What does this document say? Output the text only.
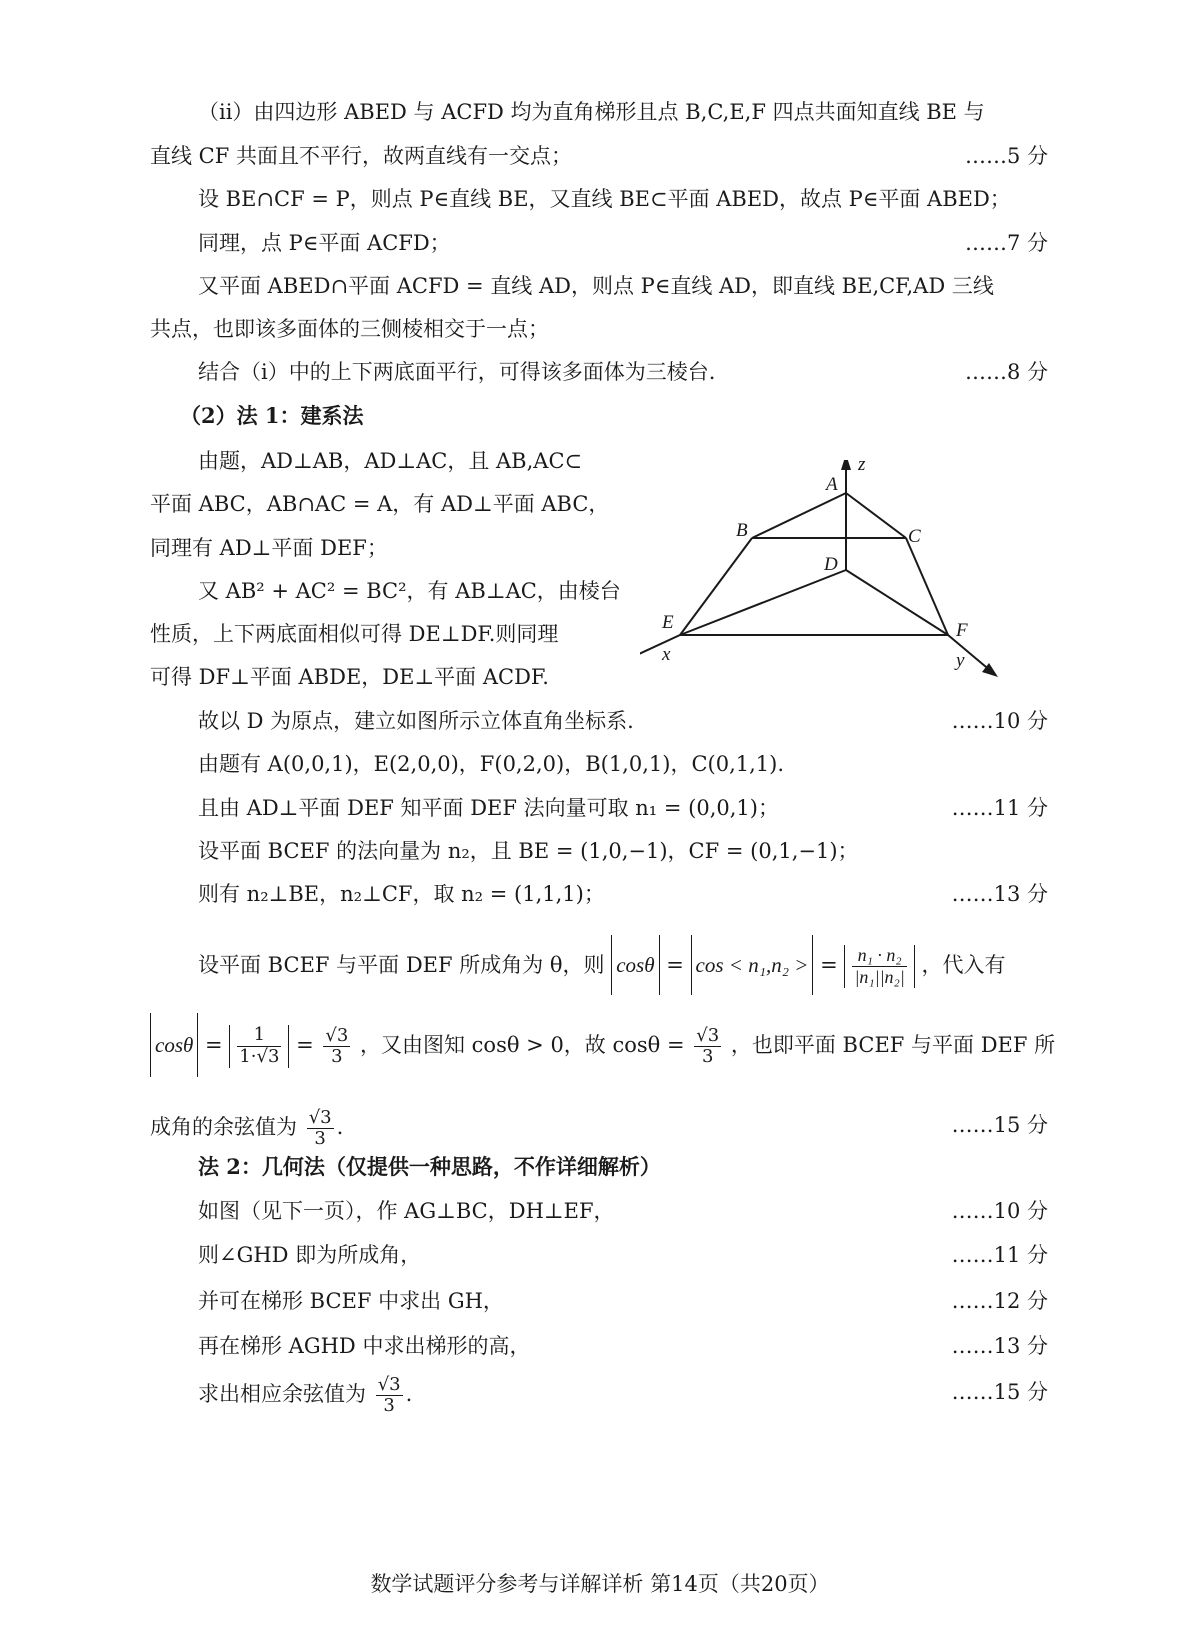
（ii）由四边形 ABED 与 ACFD 均为直角梯形且点 B,C,E,F 四点共面知直线 BE 与
直线 CF 共面且不平行，故两直线有一交点；	……5 分
设 BE∩CF = P，则点 P∈直线 BE，又直线 BE⊂平面 ABED，故点 P∈平面 ABED；
同理，点 P∈平面 ACFD；	……7 分
又平面 ABED∩平面 ACFD = 直线 AD，则点 P∈直线 AD，即直线 BE,CF,AD 三线
共点，也即该多面体的三侧棱相交于一点；
结合（i）中的上下两底面平行，可得该多面体为三棱台.	……8 分
（2）法 1：建系法
由题，AD⊥AB，AD⊥AC，且 AB,AC⊂
平面 ABC，AB∩AC = A，有 AD⊥平面 ABC，
同理有 AD⊥平面 DEF；
又 AB² + AC² = BC²，有 AB⊥AC，由棱台
性质，上下两底面相似可得 DE⊥DF.则同理
可得 DF⊥平面 ABDE，DE⊥平面 ACDF.
z
A
B	C
D
E	F
x	y
故以 D 为原点，建立如图所示立体直角坐标系.	……10 分
由题有 A(0,0,1)，E(2,0,0)，F(0,2,0)，B(1,0,1)，C(0,1,1).
且由 AD⊥平面 DEF 知平面 DEF 法向量可取 n₁ = (0,0,1)；	……11 分
设平面 BCEF 的法向量为 n₂，且 BE = (1,0,−1)，CF = (0,1,−1)；
则有 n₂⊥BE，n₂⊥CF，取 n₂ = (1,1,1)；	……13 分
设平面 BCEF 与平面 DEF 所成角为 θ，则 cosθ = cos < n₁,n₂ > = $\frac{\text{n₁ · n₂}}{\text{|n₁||n₂|}}$ ，代入有
$\cos\theta = \frac{1}{1\cdot√3} = \frac{√3}{3}$ ，又由图知 cosθ > 0，故 $\cos\theta = \frac{√3}{3}$ ，也即平面 BCEF 与平面 DEF 所
成角的余弦值为 $\frac{√3}{3}$ .	……15 分
法 2：几何法（仅提供一种思路，不作详细解析）
如图（见下一页），作 AG⊥BC，DH⊥EF，	……10 分
则∠GHD 即为所成角，	……11 分
并可在梯形 BCEF 中求出 GH，	……12 分
再在梯形 AGHD 中求出梯形的高，	……13 分
求出相应余弦值为 $\frac{√3}{3}$ .	……15 分
数学试题评分参考与详解详析 第14页（共20页）
